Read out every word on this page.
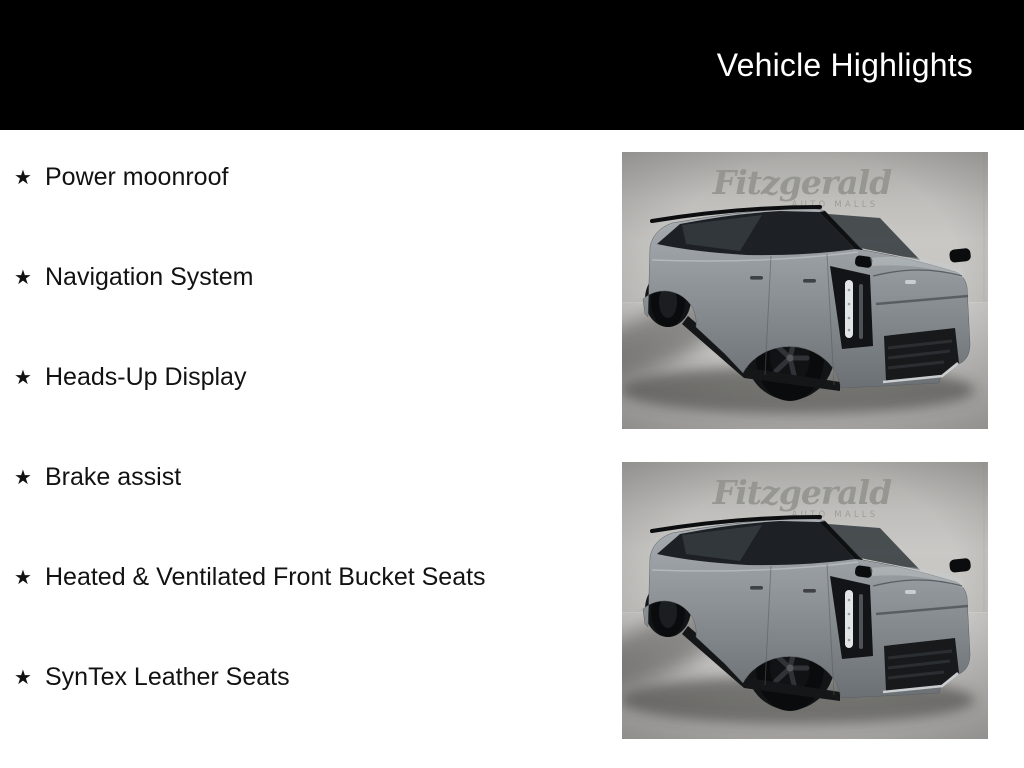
Vehicle Highlights
★ Power moonroof
★ Navigation System
★ Heads-Up Display
★ Brake assist
★ Heated & Ventilated Front Bucket Seats
★ SynTex Leather Seats
